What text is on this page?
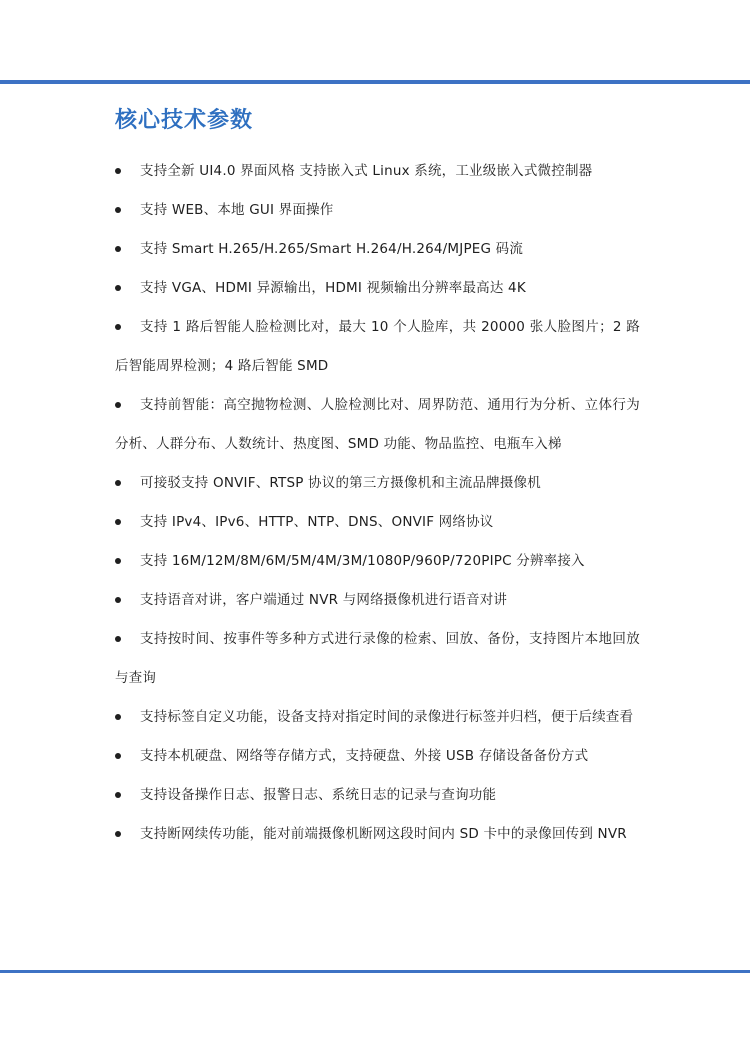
核心技术参数
支持全新 UI4.0 界面风格 支持嵌入式 Linux 系统，工业级嵌入式微控制器
支持 WEB、本地 GUI 界面操作
支持 Smart H.265/H.265/Smart H.264/H.264/MJPEG 码流
支持 VGA、HDMI 异源输出，HDMI 视频输出分辨率最高达 4K
支持 1 路后智能人脸检测比对，最大 10 个人脸库，共 20000 张人脸图片；2 路后智能周界检测；4 路后智能 SMD
支持前智能：高空抛物检测、人脸检测比对、周界防范、通用行为分析、立体行为分析、人群分布、人数统计、热度图、SMD 功能、物品监控、电瓶车入梯
可接驳支持 ONVIF、RTSP 协议的第三方摄像机和主流品牌摄像机
支持 IPv4、IPv6、HTTP、NTP、DNS、ONVIF 网络协议
支持 16M/12M/8M/6M/5M/4M/3M/1080P/960P/720PIPC 分辨率接入
支持语音对讲，客户端通过 NVR 与网络摄像机进行语音对讲
支持按时间、按事件等多种方式进行录像的检索、回放、备份，支持图片本地回放与查询
支持标签自定义功能，设备支持对指定时间的录像进行标签并归档，便于后续查看
支持本机硬盘、网络等存储方式，支持硬盘、外接 USB 存储设备备份方式
支持设备操作日志、报警日志、系统日志的记录与查询功能
支持断网续传功能，能对前端摄像机断网这段时间内 SD 卡中的录像回传到 NVR
